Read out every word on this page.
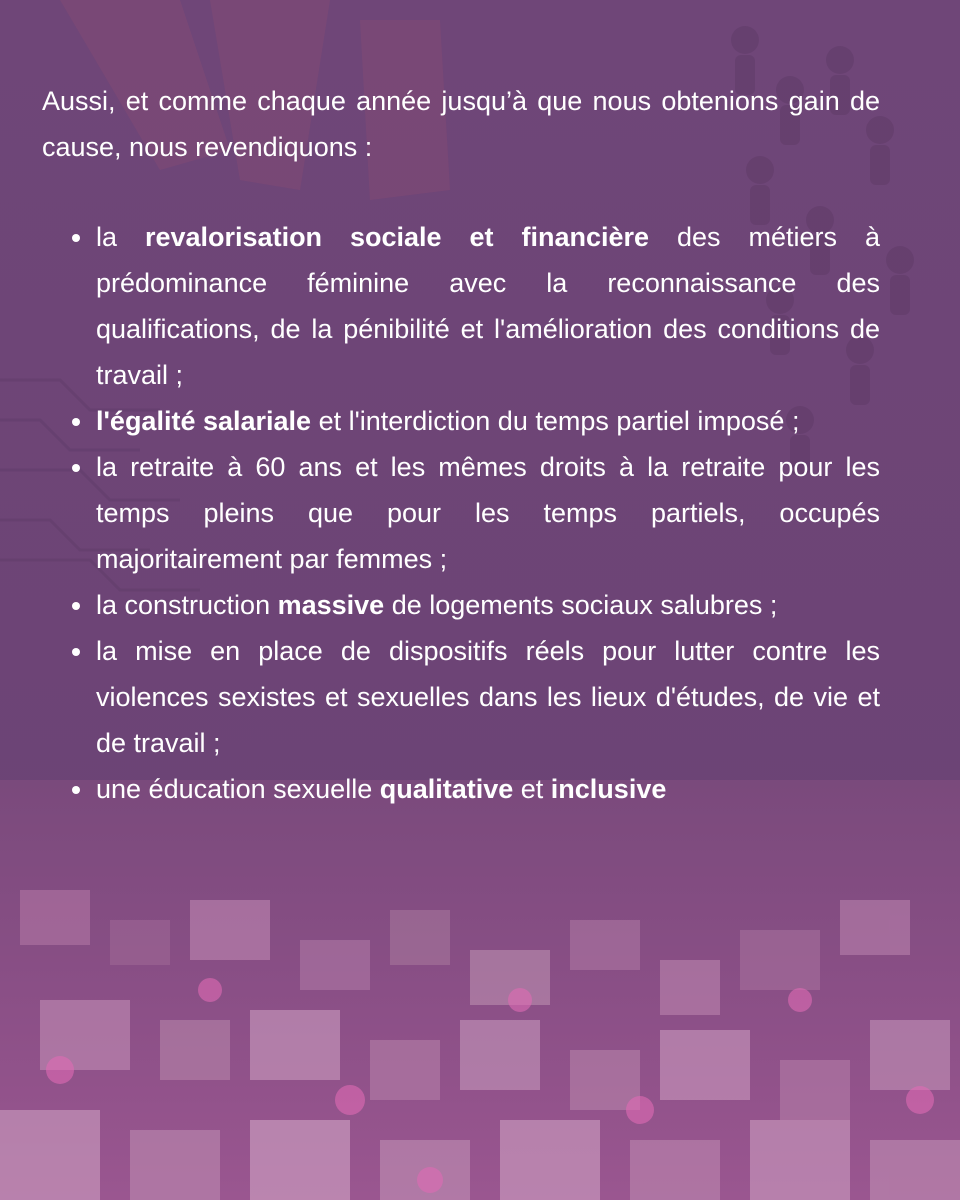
Aussi, et comme chaque année jusqu’à que nous obtenions gain de cause, nous revendiquons :

la revalorisation sociale et financière des métiers à prédominance féminine avec la reconnaissance des qualifications, de la pénibilité et l'amélioration des conditions de travail ;
l'égalité salariale et l'interdiction du temps partiel imposé ;
la retraite à 60 ans et les mêmes droits à la retraite pour les temps pleins que pour les temps partiels, occupés majoritairement par femmes ;
la construction massive de logements sociaux salubres ;
la mise en place de dispositifs réels pour lutter contre les violences sexistes et sexuelles dans les lieux d'études, de vie et de travail ;
une éducation sexuelle qualitative et inclusive
